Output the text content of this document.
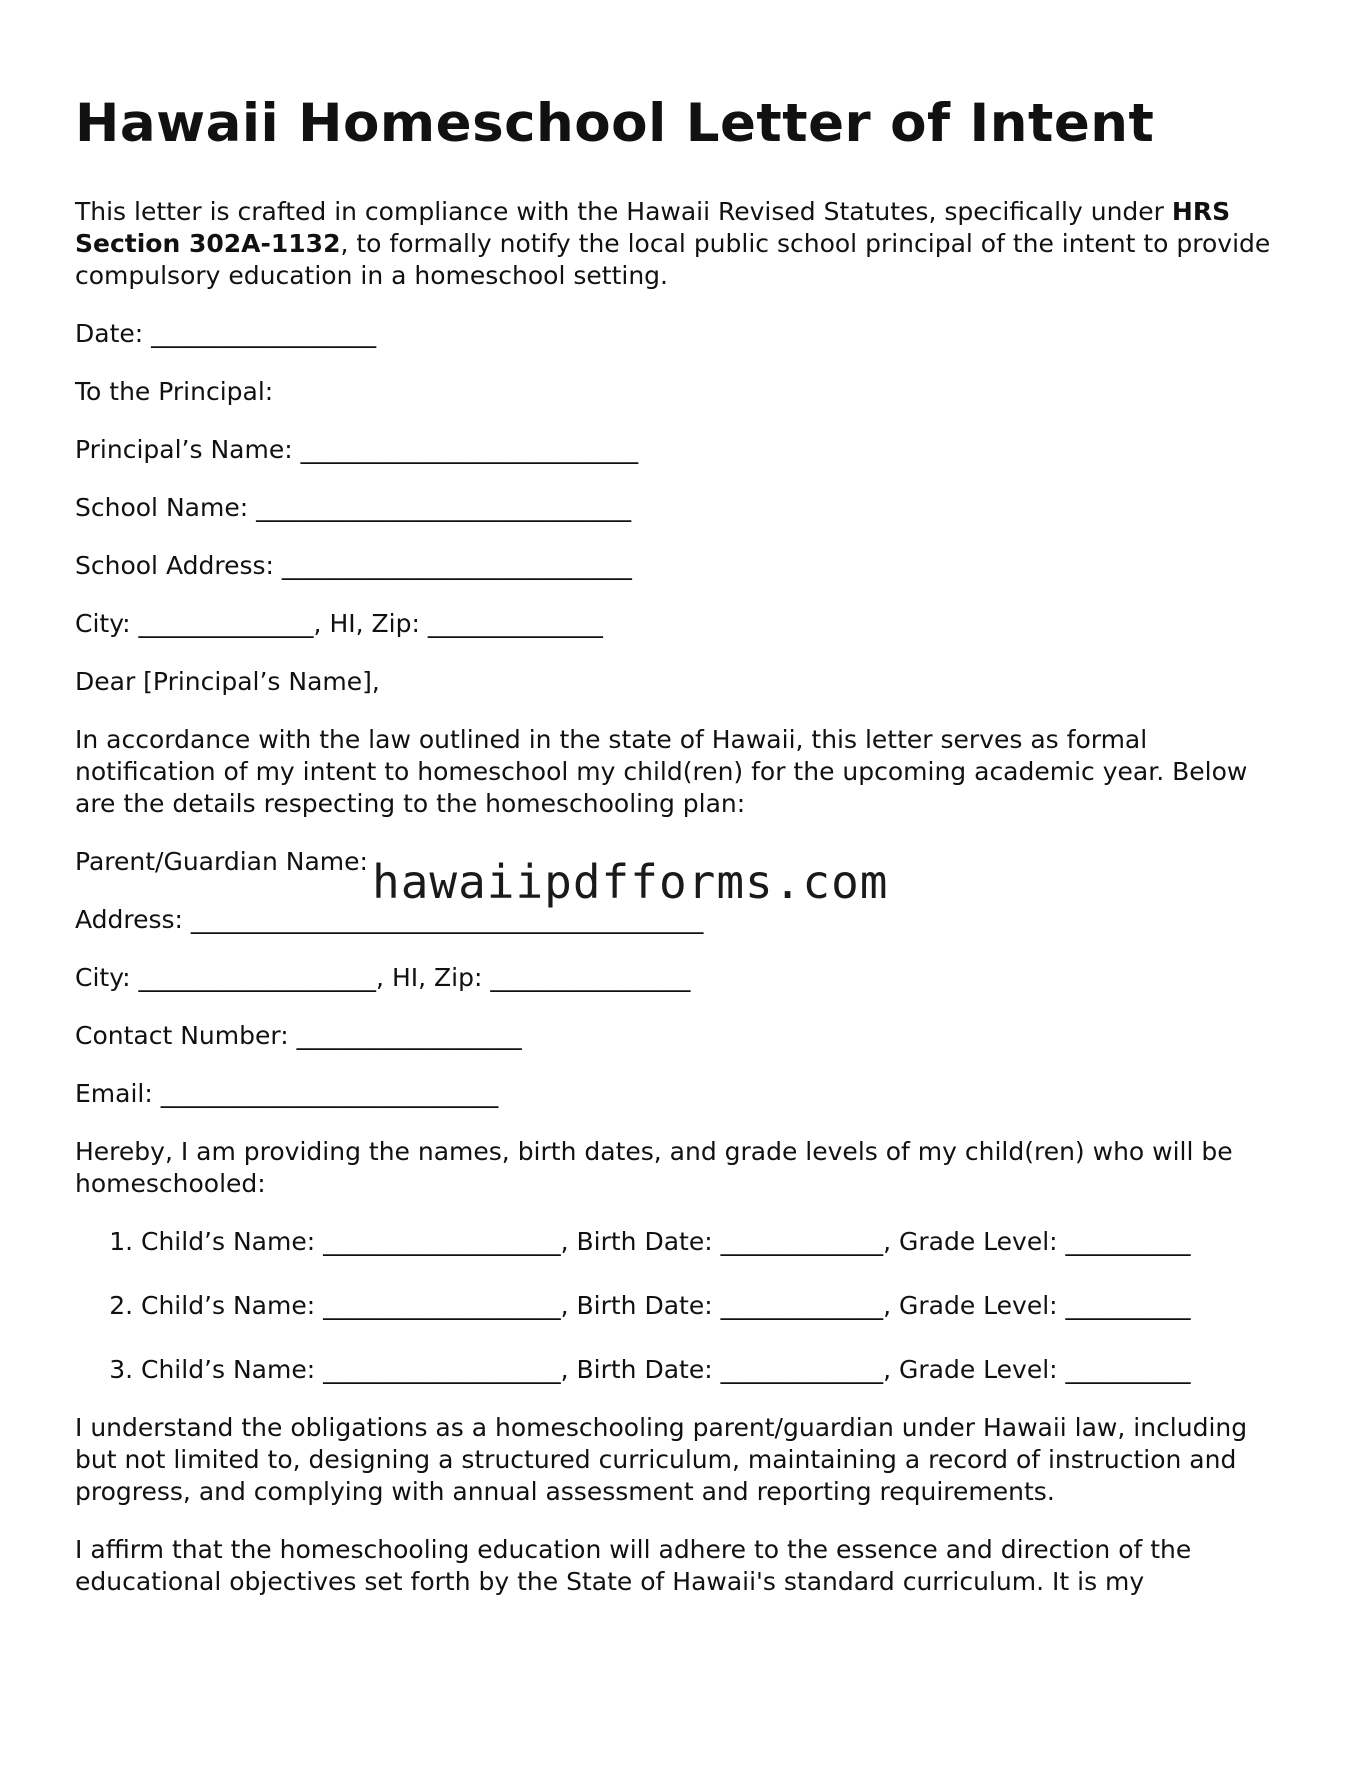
Hawaii Homeschool Letter of Intent

This letter is crafted in compliance with the Hawaii Revised Statutes, specifically under HRS Section 302A-1132, to formally notify the local public school principal of the intent to provide compulsory education in a homeschool setting.

Date: __________________

To the Principal:

Principal’s Name: ___________________________

School Name: ______________________________

School Address: ____________________________

City: ______________, HI, Zip: ______________

Dear [Principal’s Name],

In accordance with the law outlined in the state of Hawaii, this letter serves as formal notification of my intent to homeschool my child(ren) for the upcoming academic year. Below are the details respecting to the homeschooling plan:

Parent/Guardian Name:

Address: _________________________________________

City: ___________________, HI, Zip: ________________

Contact Number: __________________

Email: ___________________________

Hereby, I am providing the names, birth dates, and grade levels of my child(ren) who will be homeschooled:

1. Child’s Name: ___________________, Birth Date: _____________, Grade Level: __________
2. Child’s Name: ___________________, Birth Date: _____________, Grade Level: __________
3. Child’s Name: ___________________, Birth Date: _____________, Grade Level: __________

I understand the obligations as a homeschooling parent/guardian under Hawaii law, including but not limited to, designing a structured curriculum, maintaining a record of instruction and progress, and complying with annual assessment and reporting requirements.

I affirm that the homeschooling education will adhere to the essence and direction of the educational objectives set forth by the State of Hawaii's standard curriculum. It is my

hawaiipdfforms.com
